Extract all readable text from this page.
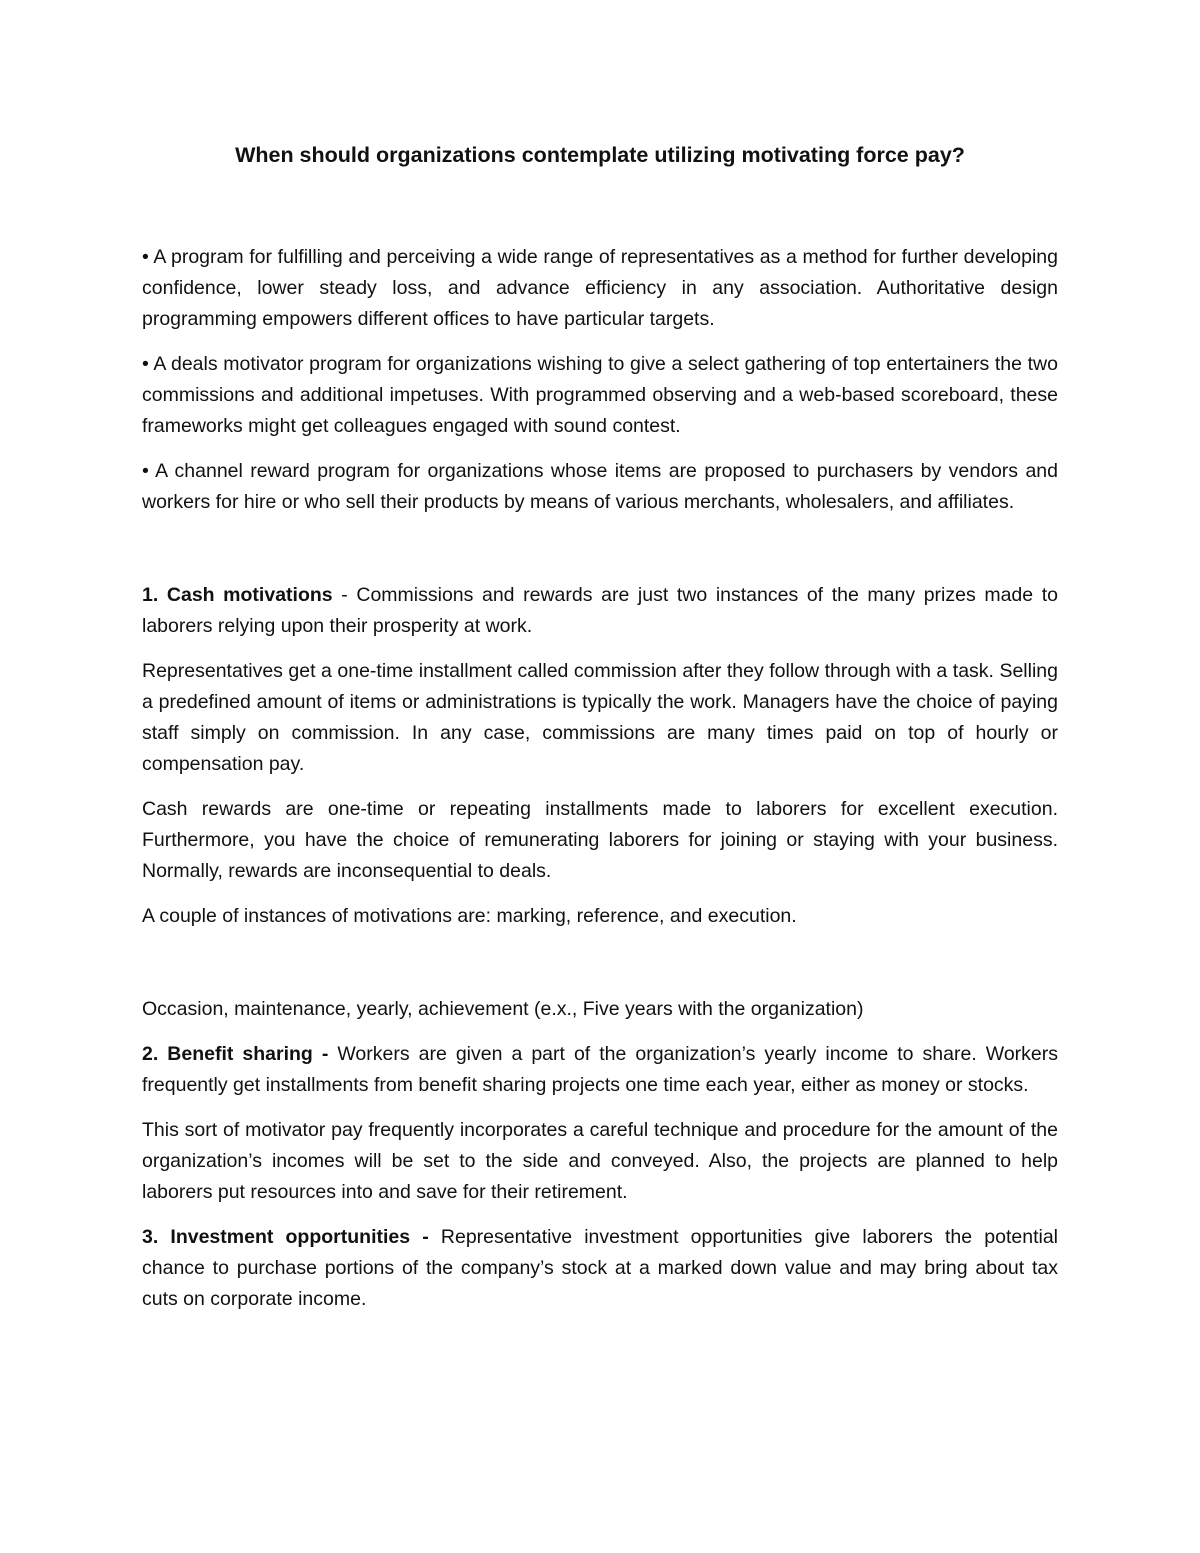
When should organizations contemplate utilizing motivating force pay?

• A program for fulfilling and perceiving a wide range of representatives as a method for further developing confidence, lower steady loss, and advance efficiency in any association. Authoritative design programming empowers different offices to have particular targets.

• A deals motivator program for organizations wishing to give a select gathering of top entertainers the two commissions and additional impetuses. With programmed observing and a web-based scoreboard, these frameworks might get colleagues engaged with sound contest.

• A channel reward program for organizations whose items are proposed to purchasers by vendors and workers for hire or who sell their products by means of various merchants, wholesalers, and affiliates.

1. Cash motivations - Commissions and rewards are just two instances of the many prizes made to laborers relying upon their prosperity at work.

Representatives get a one-time installment called commission after they follow through with a task. Selling a predefined amount of items or administrations is typically the work. Managers have the choice of paying staff simply on commission. In any case, commissions are many times paid on top of hourly or compensation pay.

Cash rewards are one-time or repeating installments made to laborers for excellent execution. Furthermore, you have the choice of remunerating laborers for joining or staying with your business. Normally, rewards are inconsequential to deals.

A couple of instances of motivations are: marking, reference, and execution.

Occasion, maintenance, yearly, achievement (e.x., Five years with the organization)

2. Benefit sharing - Workers are given a part of the organization’s yearly income to share. Workers frequently get installments from benefit sharing projects one time each year, either as money or stocks.

This sort of motivator pay frequently incorporates a careful technique and procedure for the amount of the organization’s incomes will be set to the side and conveyed. Also, the projects are planned to help laborers put resources into and save for their retirement.

3. Investment opportunities - Representative investment opportunities give laborers the potential chance to purchase portions of the company’s stock at a marked down value and may bring about tax cuts on corporate income.
